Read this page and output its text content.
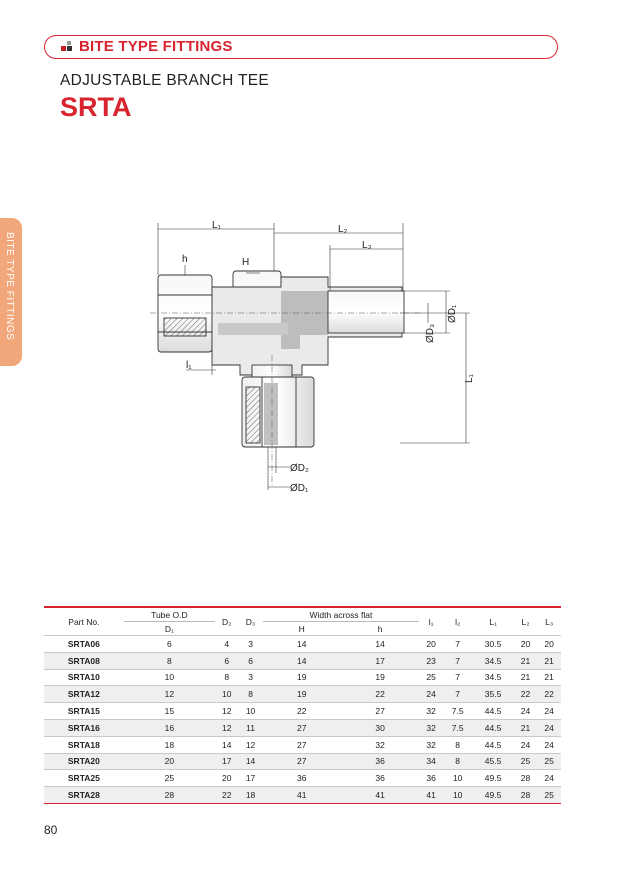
BITE TYPE FITTINGS
ADJUSTABLE BRANCH TEE
SRTA
BITE TYPE FITTINGS
L₁	L₂
L₃
h	H
l₁
ØD₂
ØD₁
ØD₃
ØD₁
L₁
Part No.	Tube O.D	D₂	D₃	Width across flat		l₁	l₂	L₁	L₂	L₃
	D₁			H	h					
SRTA06	6	4	3	14	14	20	7	30.5	20	20
SRTA08	8	6	6	14	17	23	7	34.5	21	21
SRTA10	10	8	3	19	19	25	7	34.5	21	21
SRTA12	12	10	8	19	22	24	7	35.5	22	22
SRTA15	15	12	10	22	27	32	7.5	44.5	24	24
SRTA16	16	12	11	27	30	32	7.5	44.5	21	24
SRTA18	18	14	12	27	32	32	8	44.5	24	24
SRTA20	20	17	14	27	36	34	8	45.5	25	25
SRTA25	25	20	17	36	36	36	10	49.5	28	24
SRTA28	28	22	18	41	41	41	10	49.5	28	25
80
